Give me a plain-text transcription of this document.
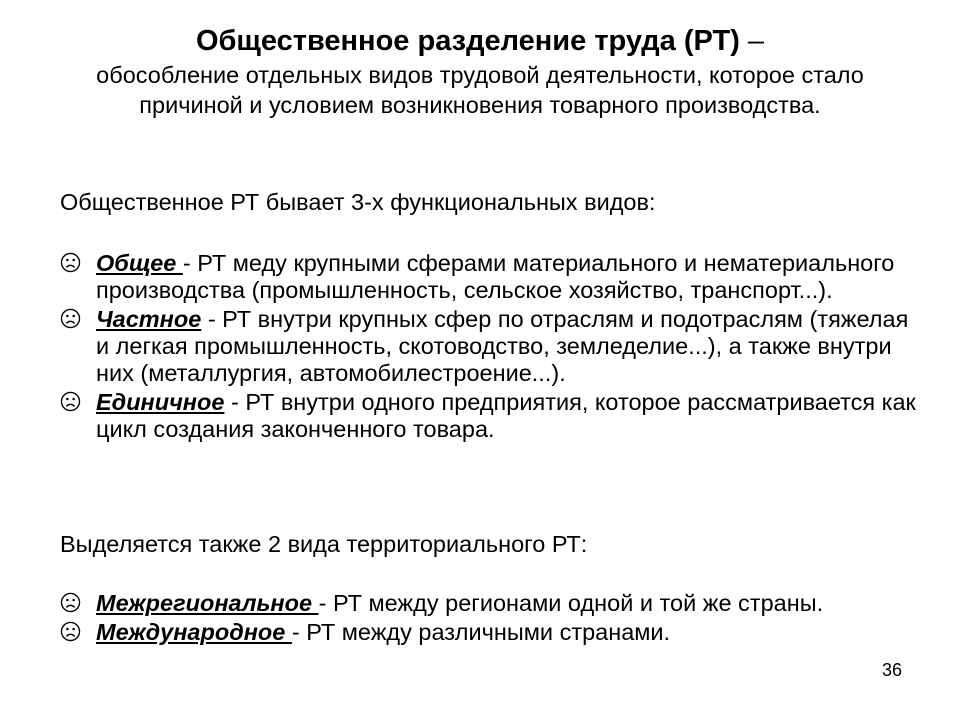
Общественное разделение труда (РТ) –
обособление отдельных видов трудовой деятельности, которое стало причиной и условием возникновения товарного производства.
Общественное РТ бывает 3-х функциональных видов:
Общее - РТ меду крупными сферами материального и нематериального производства (промышленность, сельское хозяйство, транспорт...).
Частное - РТ внутри крупных сфер по отраслям и подотраслям (тяжелая и легкая промышленность, скотоводство, земледелие...), а также внутри них (металлургия, автомобилестроение...).
Единичное - РТ внутри одного предприятия, которое рассматривается как цикл создания законченного товара.
Выделяется также 2 вида территориального РТ:
Межрегиональное - РТ между регионами одной и той же страны.
Международное - РТ между различными странами.
36
